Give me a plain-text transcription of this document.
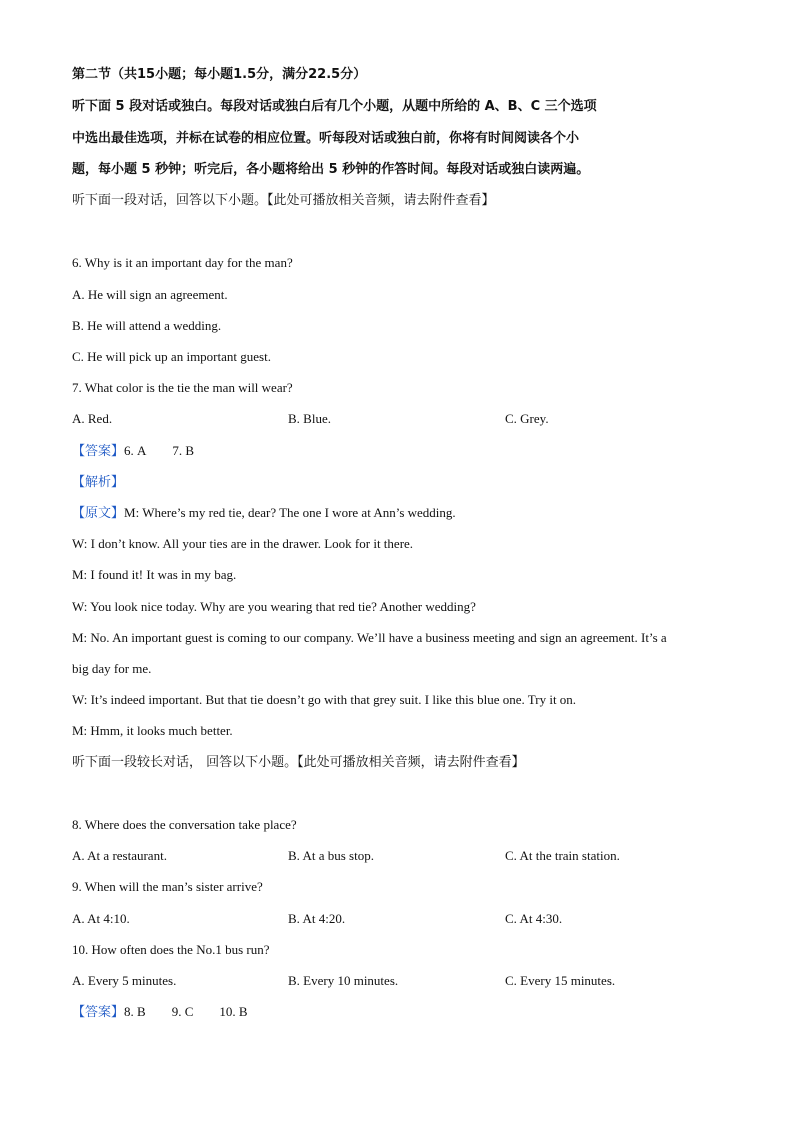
第二节（共15小题；每小题1.5分，满分22.5分）
听下面 5 段对话或独白。每段对话或独白后有几个小题，从题中所给的 A、B、C 三个选项
中选出最佳选项，并标在试卷的相应位置。听每段对话或独白前，你将有时间阅读各个小
题，每小题 5 秒钟；听完后，各小题将给出 5 秒钟的作答时间。每段对话或独白读两遍。
听下面一段对话，回答以下小题。【此处可播放相关音频，请去附件查看】
6. Why is it an important day for the man?
A. He will sign an agreement.
B. He will attend a wedding.
C. He will pick up an important guest.
7. What color is the tie the man will wear?
A. Red.	B. Blue.	C. Grey.
【答案】6. A 7. B
【解析】
【原文】M: Where’s my red tie, dear? The one I wore at Ann’s wedding.
W: I don’t know. All your ties are in the drawer. Look for it there.
M: I found it! It was in my bag.
W: You look nice today. Why are you wearing that red tie? Another wedding?
M: No. An important guest is coming to our company. We’ll have a business meeting and sign an agreement. It’s a
big day for me.
W: It’s indeed important. But that tie doesn’t go with that grey suit. I like this blue one. Try it on.
M: Hmm, it looks much better.
听下面一段较长对话， 回答以下小题。【此处可播放相关音频，请去附件查看】
8. Where does the conversation take place?
A. At a restaurant.	B. At a bus stop.	C. At the train station.
9. When will the man’s sister arrive?
A. At 4:10.	B. At 4:20.	C. At 4:30.
10. How often does the No.1 bus run?
A. Every 5 minutes.	B. Every 10 minutes.	C. Every 15 minutes.
【答案】8. B 9. C 10. B
